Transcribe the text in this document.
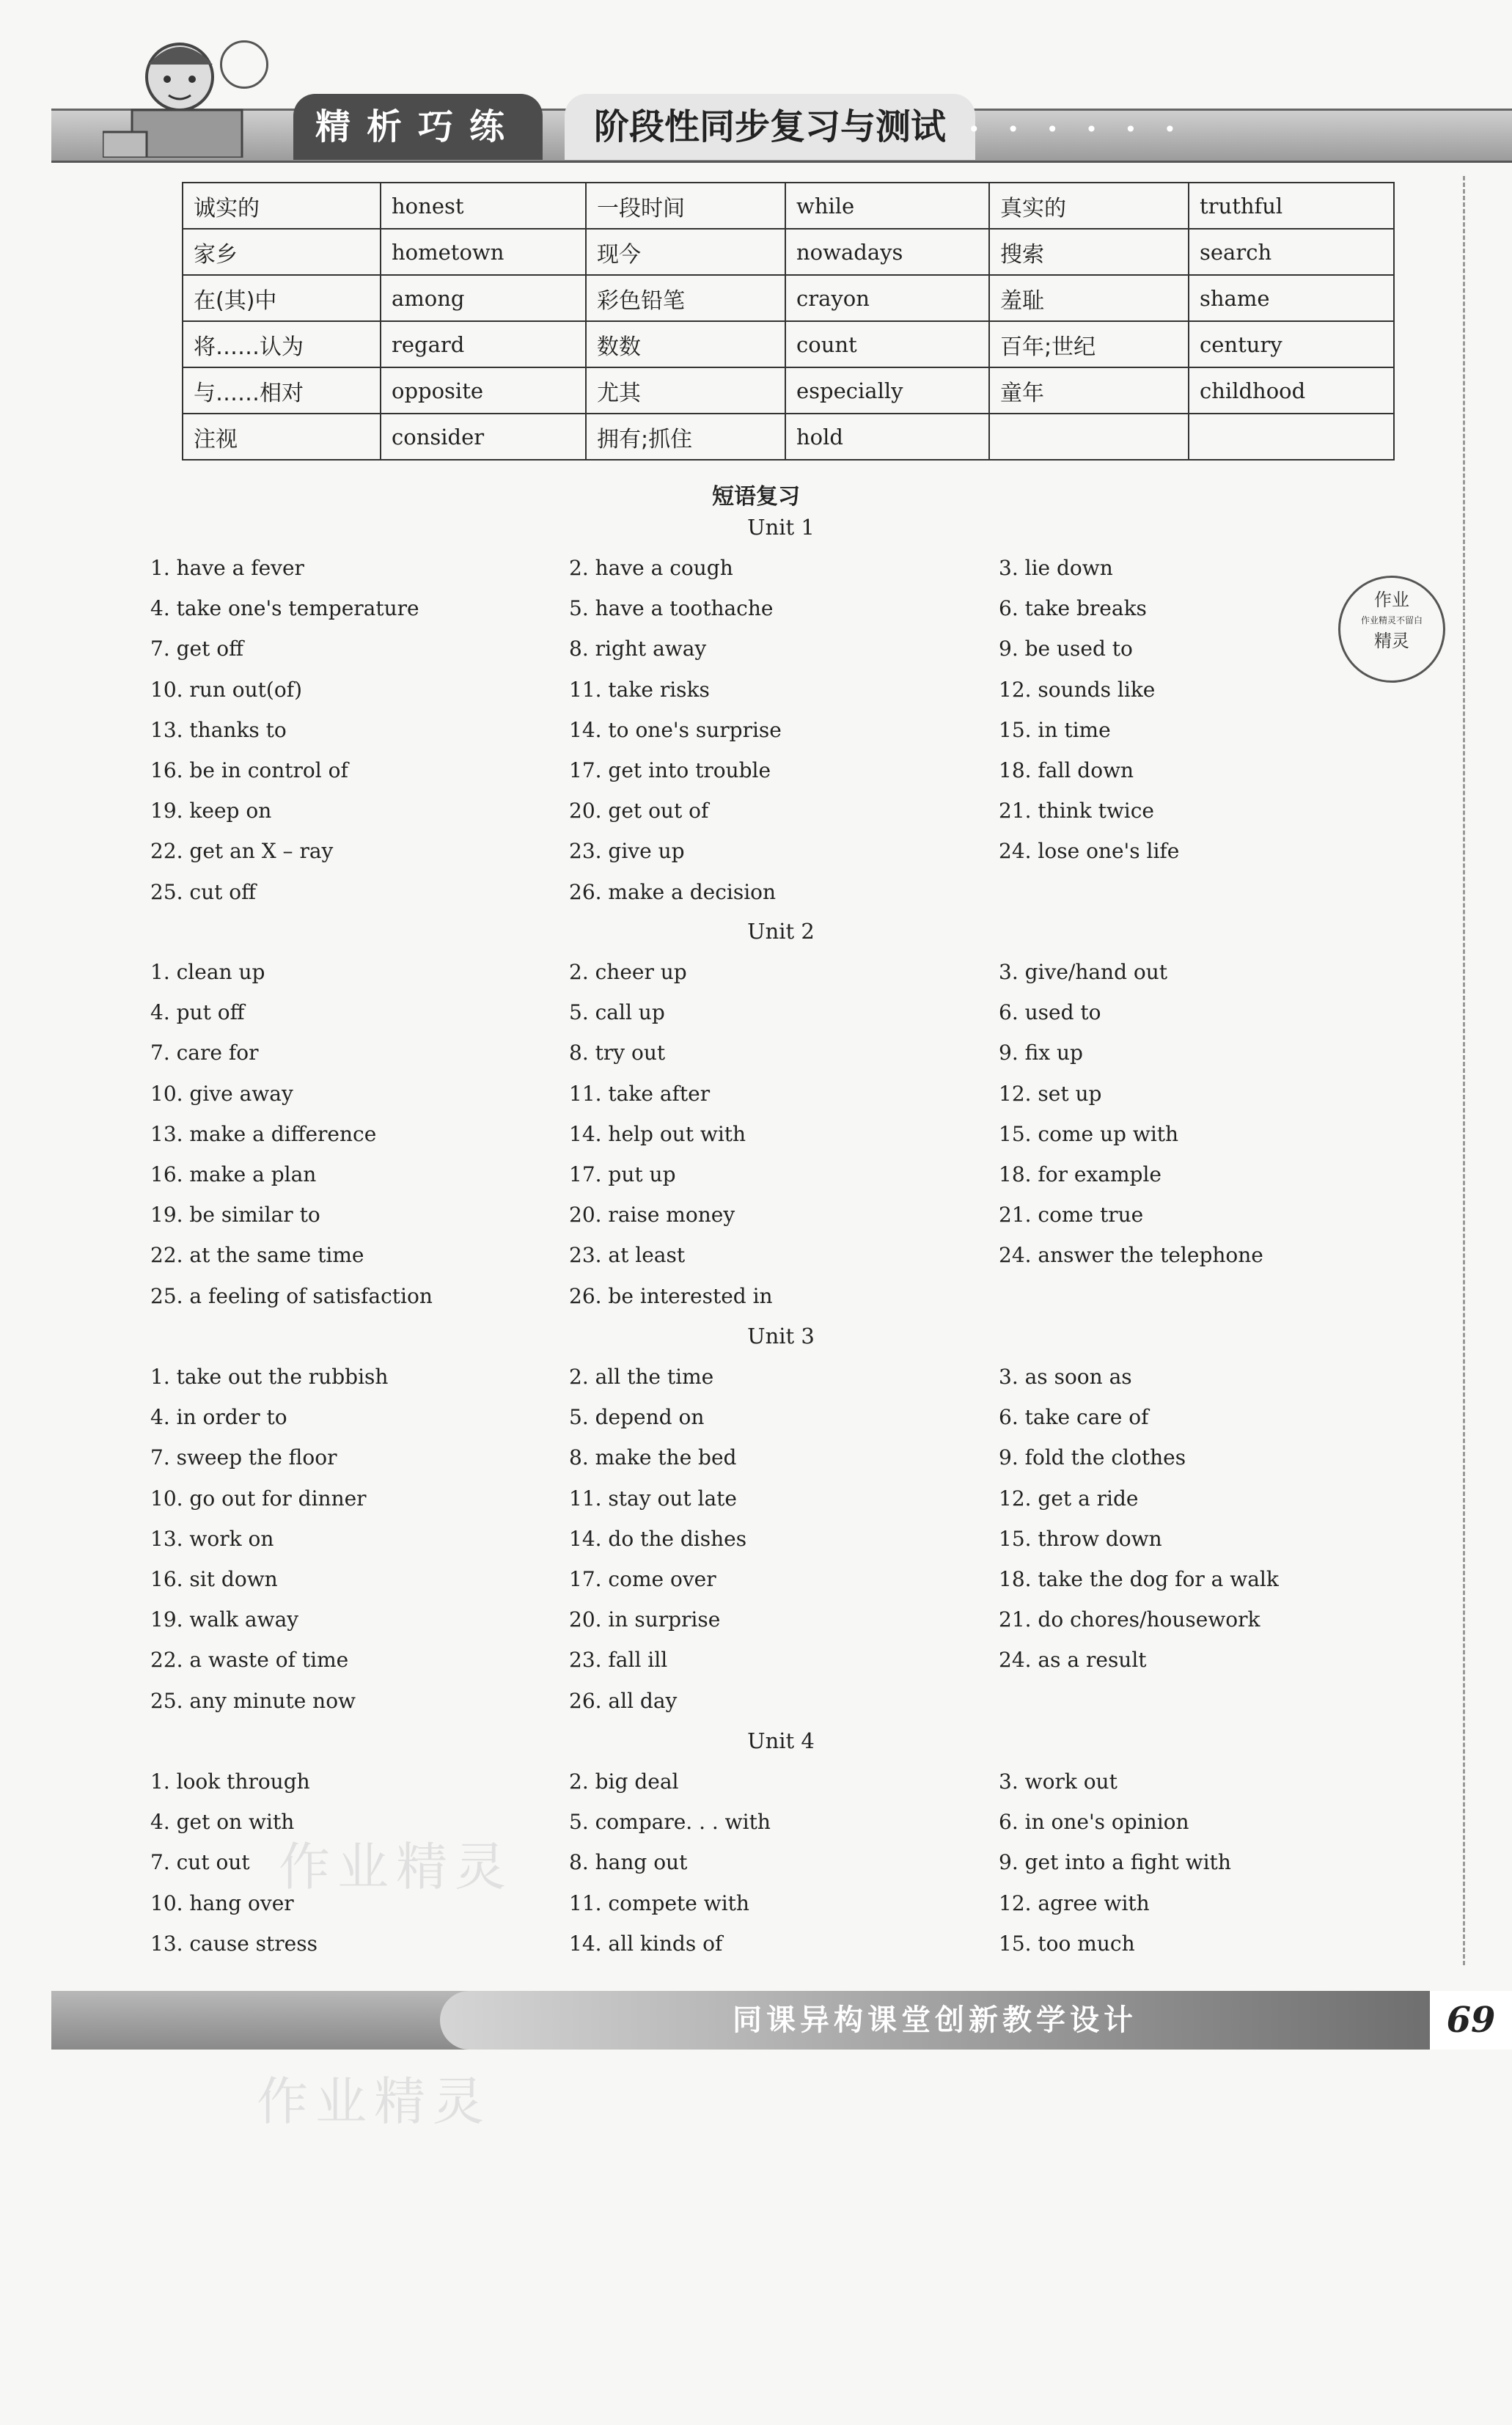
精析巧练	阶段性同步复习与测试	• • • • • •
诚实的	honest	一段时间	while	真实的	truthful
家乡	hometown	现今	nowadays	搜索	search
在(其)中	among	彩色铅笔	crayon	羞耻	shame
将……认为	regard	数数	count	百年;世纪	century
与……相对	opposite	尤其	especially	童年	childhood
注视	consider	拥有;抓住	hold		
短语复习
Unit 1
1. have a fever	2. have a cough	3. lie down
4. take one's temperature	5. have a toothache	6. take breaks
7. get off	8. right away	9. be used to
10. run out(of)	11. take risks	12. sounds like
13. thanks to	14. to one's surprise	15. in time
16. be in control of	17. get into trouble	18. fall down
19. keep on	20. get out of	21. think twice
22. get an X – ray	23. give up	24. lose one's life
25. cut off	26. make a decision
Unit 2
1. clean up	2. cheer up	3. give/hand out
4. put off	5. call up	6. used to
7. care for	8. try out	9. fix up
10. give away	11. take after	12. set up
13. make a difference	14. help out with	15. come up with
16. make a plan	17. put up	18. for example
19. be similar to	20. raise money	21. come true
22. at the same time	23. at least	24. answer the telephone
25. a feeling of satisfaction	26. be interested in
Unit 3
1. take out the rubbish	2. all the time	3. as soon as
4. in order to	5. depend on	6. take care of
7. sweep the floor	8. make the bed	9. fold the clothes
10. go out for dinner	11. stay out late	12. get a ride
13. work on	14. do the dishes	15. throw down
16. sit down	17. come over	18. take the dog for a walk
19. walk away	20. in surprise	21. do chores/housework
22. a waste of time	23. fall ill	24. as a result
25. any minute now	26. all day
Unit 4
1. look through	2. big deal	3. work out
4. get on with	5. compare. . . with	6. in one's opinion
7. cut out	8. hang out	9. get into a fight with
10. hang over	11. compete with	12. agree with
13. cause stress	14. all kinds of	15. too much
作业
作业精灵不留白
精灵
作业精灵
作业精灵
同课异构课堂创新教学设计	69
